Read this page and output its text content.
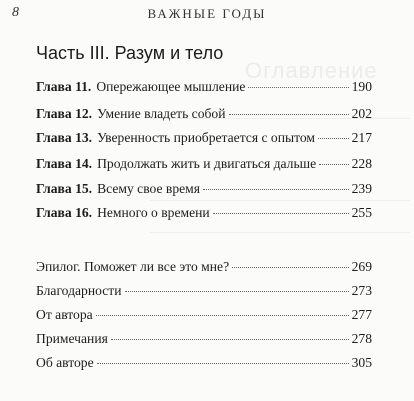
8	ВАЖНЫЕ ГОДЫ
Оглавление
Часть III. Разум и тело
Глава 11. Опережающее мышление	190
Глава 12. Умение владеть собой	202
Глава 13. Уверенность приобретается с опытом	217
Глава 14. Продолжать жить и двигаться дальше	228
Глава 15. Всему свое время	239
Глава 16. Немного о времени	255
Эпилог. Поможет ли все это мне?	269
Благодарности	273
От автора	277
Примечания	278
Об авторе	305
